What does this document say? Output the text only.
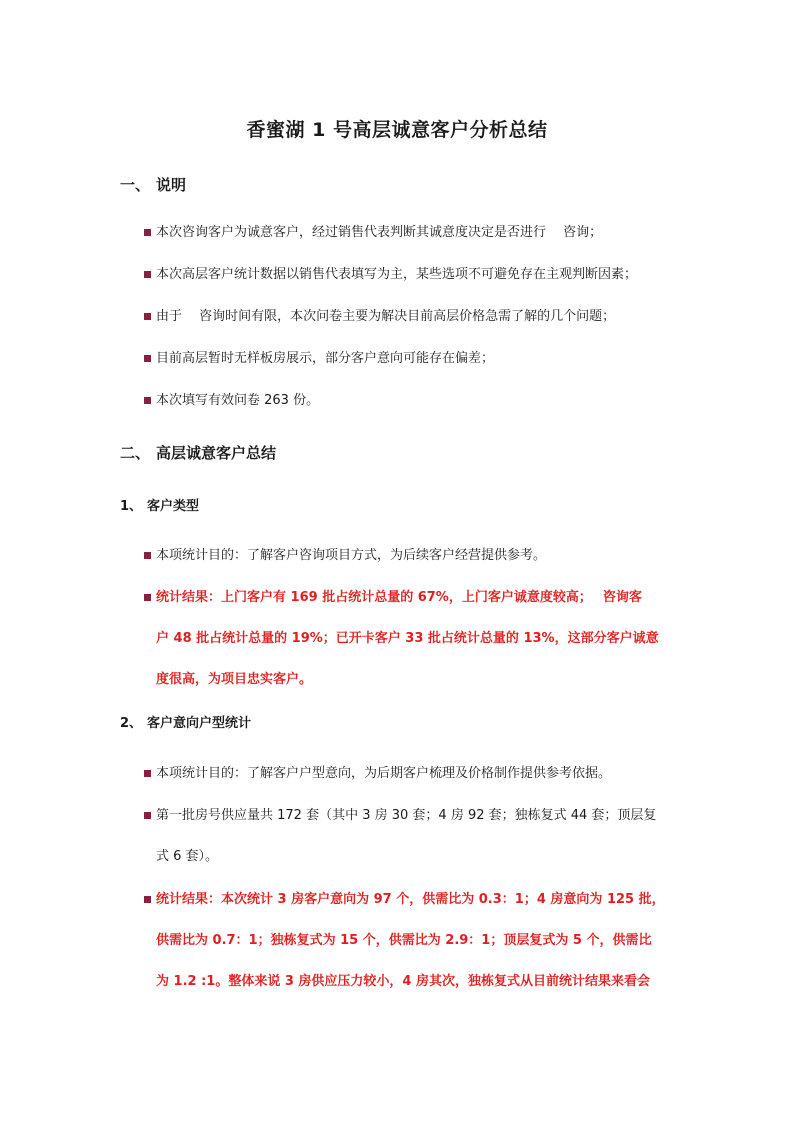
香蜜湖 1 号高层诚意客户分析总结
一、 说明
本次咨询客户为诚意客户，经过销售代表判断其诚意度决定是否进行　 咨询；
本次高层客户统计数据以销售代表填写为主，某些选项不可避免存在主观判断因素；
由于　 咨询时间有限，本次问卷主要为解决目前高层价格急需了解的几个问题；
目前高层暂时无样板房展示，部分客户意向可能存在偏差；
本次填写有效问卷 263 份。
二、 高层诚意客户总结
1、 客户类型
本项统计目的：了解客户咨询项目方式，为后续客户经营提供参考。
统计结果：上门客户有 169 批占统计总量的 67%，上门客户诚意度较高；　 咨询客
户 48 批占统计总量的 19%；已开卡客户 33 批占统计总量的 13%，这部分客户诚意
度很高，为项目忠实客户。
2、 客户意向户型统计
本项统计目的：了解客户户型意向，为后期客户梳理及价格制作提供参考依据。
第一批房号供应量共 172 套（其中 3 房 30 套；4 房 92 套；独栋复式 44 套；顶层复
式 6 套）。
统计结果：本次统计 3 房客户意向为 97 个，供需比为 0.3：1；4 房意向为 125 批，
供需比为 0.7：1；独栋复式为 15 个，供需比为 2.9：1；顶层复式为 5 个，供需比
为 1.2 :1。整体来说 3 房供应压力较小，4 房其次，独栋复式从目前统计结果来看会
